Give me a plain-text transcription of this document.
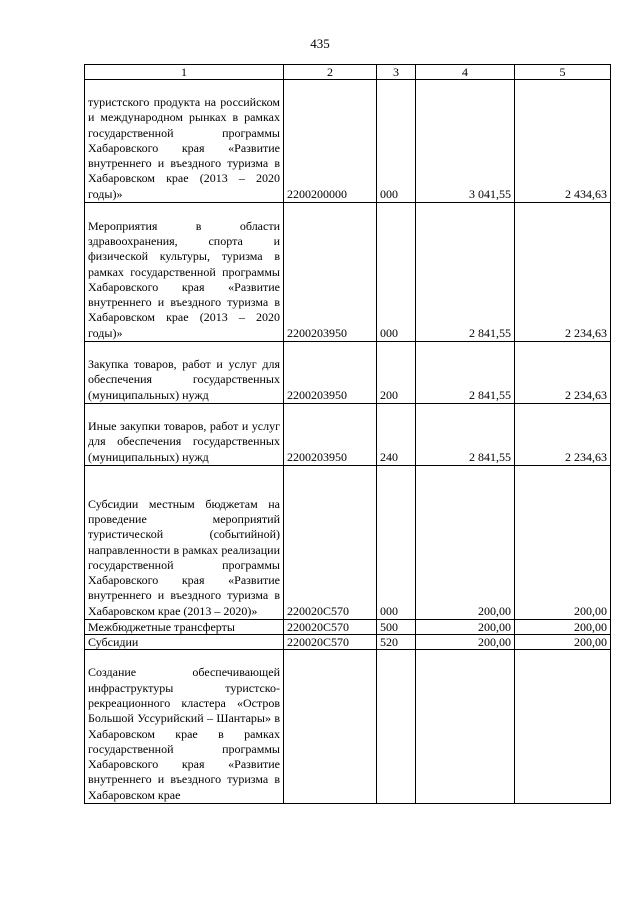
435
1	2	3	4	5
туристского продукта на российском и международном рынках в рамках государственной программы Хабаровского края «Развитие внутреннего и въездного туризма в Хабаровском крае (2013 – 2020 годы)»	2200200000	000	3 041,55	2 434,63
Мероприятия в области здравоохранения, спорта и физической культуры, туризма в рамках государственной программы Хабаровского края «Развитие внутреннего и въездного туризма в Хабаровском крае (2013 – 2020 годы)»	2200203950	000	2 841,55	2 234,63
Закупка товаров, работ и услуг для обеспечения государственных (муниципальных) нужд	2200203950	200	2 841,55	2 234,63
Иные закупки товаров, работ и услуг для обеспечения государственных (муниципальных) нужд	2200203950	240	2 841,55	2 234,63
Субсидии местным бюджетам на проведение мероприятий туристической (событийной) направленности в рамках реализации государственной программы Хабаровского края «Развитие внутреннего и въездного туризма в Хабаровском крае (2013 – 2020)»	220020С570	000	200,00	200,00
Межбюджетные трансферты	220020С570	500	200,00	200,00
Субсидии	220020С570	520	200,00	200,00
Создание обеспечивающей инфраструктуры туристско-рекреационного кластера «Остров Большой Уссурийский – Шантары» в Хабаровском крае в рамках государственной программы Хабаровского края «Развитие внутреннего и въездного туризма в Хабаровском крае				
